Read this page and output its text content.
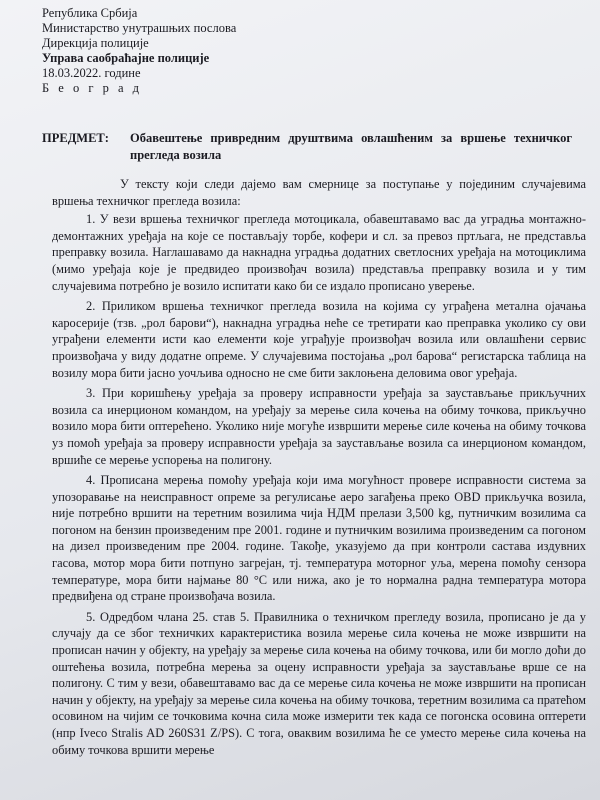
Република Србија
Министарство унутрашњих послова
Дирекција полиције
Управа саобраћајне полиције
18.03.2022. године
Б е о г р а д
ПРЕДМЕТ:	Обавештење привредним друштвима овлашћеним за вршење техничког прегледа возила

У тексту који следи дајемо вам смернице за поступање у појединим случајевима вршења техничког прегледа возила:

1. У вези вршења техничког прегледа мотоцикала, обавештавамо вас да уградња монтажно-демонтажних уређаја на које се постављају торбе, кофери и сл. за превоз пртљага, не представља преправку возила. Наглашавамо да накнадна уградња додатних светлосних уређаја на мотоциклима (мимо уређаја које је предвидео произвођач возила) представља преправку возила и у тим случајевима потребно је возило испитати како би се издало прописано уверење.

2. Приликом вршења техничког прегледа возила на којима су уграђена метална ојачања каросерије (тзв. „рол барови“), накнадна уградња неће се третирати као преправка уколико су ови уграђени елементи исти као елементи које уграђује произвођач возила или овлашћени сервис произвођача у виду додатне опреме. У случајевима постојања „рол барова“ регистарска таблица на возилу мора бити јасно уочљива односно не сме бити заклоњена деловима овог уређаја.

3. При коришћењу уређаја за проверу исправности уређаја за заустављање прикључних возила са инерционом командом, на уређају за мерење сила кочења на обиму точкова, прикључно возило мора бити оптерећено. Уколико није могуће извршити мерење силе кочења на обиму точкова уз помоћ уређаја за проверу исправности уређаја за заустављање возила са инерционом командом, вршиће се мерење успорења на полигону.

4. Прописана мерења помоћу уређаја који има могућност провере исправности система за упозоравање на неисправност опреме за регулисање аеро загађења преко OBD прикључка возила, није потребно вршити на теретним возилима чија НДМ прелази 3,500 kg, путничким возилима са погоном на бензин произведеним пре 2001. године и путничким возилима произведеним са погоном на дизел произведеним пре 2004. године. Такође, указујемо да при контроли састава издувних гасова, мотор мора бити потпуно загрејан, тј. температура моторног уља, мерена помоћу сензора температуре, мора бити најмање 80 °C или нижа, ако је то нормална радна температура мотора предвиђена од стране произвођача возила.

5. Одредбом члана 25. став 5. Правилника о техничком прегледу возила, прописано је да у случају да се због техничких карактеристика возила мерење сила кочења не може извршити на прописан начин у објекту, на уређају за мерење сила кочења на обиму точкова, или би могло доћи до оштећења возила, потребна мерења за оцену исправности уређаја за заустављање врше се на полигону. С тим у вези, обавештавамо вас да се мерење сила кочења не може извршити на прописан начин у објекту, на уређају за мерење сила кочења на обиму точкова, теретним возилима са пратећом осовином на чијим се точковима кочна сила може измерити тек када се погонска осовина оптерети (нпр Iveco Stralis AD 260S31 Z/PS). С тога, оваквим возилима ће се уместо мерење сила кочења на обиму точкова вршити мерење
